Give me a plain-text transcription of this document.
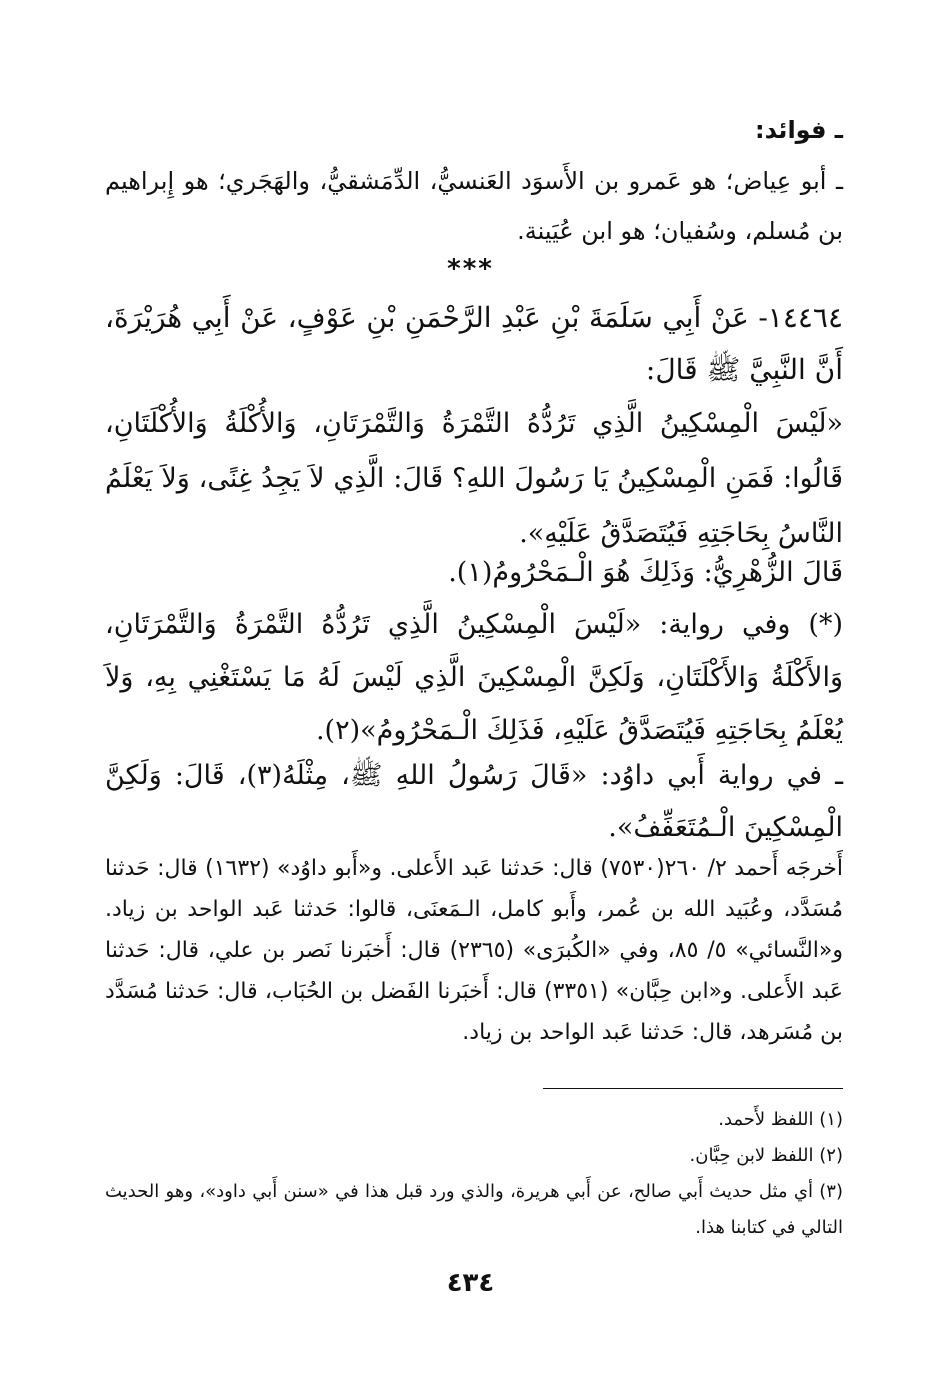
ـ فوائد:

ـ أبو عِياض؛ هو عَمرو بن الأَسوَد العَنسيُّ، الدِّمَشقيُّ، والهَجَري؛ هو إِبراهيم بن مُسلم، وسُفيان؛ هو ابن عُيَينة.

***

١٤٤٦٤- عَنْ أَبِي سَلَمَةَ بْنِ عَبْدِ الرَّحْمَنِ بْنِ عَوْفٍ، عَنْ أَبِي هُرَيْرَةَ، أَنَّ النَّبِيَّ ﷺ قَالَ:

«لَيْسَ الْمِسْكِينُ الَّذِي تَرُدُّهُ التَّمْرَةُ وَالتَّمْرَتَانِ، وَالأُكْلَةُ وَالأُكْلَتَانِ، قَالُوا: فَمَنِ الْمِسْكِينُ يَا رَسُولَ اللهِ؟ قَالَ: الَّذِي لاَ يَجِدُ غِنًى، وَلاَ يَعْلَمُ النَّاسُ بِحَاجَتِهِ فَيُتَصَدَّقُ عَلَيْهِ».

قَالَ الزُّهْرِيُّ: وَذَلِكَ هُوَ الْـمَحْرُومُ(١).

(*) وفي رواية: «لَيْسَ الْمِسْكِينُ الَّذِي تَرُدُّهُ التَّمْرَةُ وَالتَّمْرَتَانِ، وَالأَكْلَةُ وَالأَكْلَتَانِ، وَلَكِنَّ الْمِسْكِينَ الَّذِي لَيْسَ لَهُ مَا يَسْتَغْنِي بِهِ، وَلاَ يُعْلَمُ بِحَاجَتِهِ فَيُتَصَدَّقُ عَلَيْهِ، فَذَلِكَ الْـمَحْرُومُ»(٢).

ـ في رواية أَبي داوُد: «قَالَ رَسُولُ اللهِ ﷺ، مِثْلَهُ(٣)، قَالَ: وَلَكِنَّ الْمِسْكِينَ الْـمُتَعَفِّفُ».

أَخرجَه أَحمد ٢/ ٢٦٠(٧٥٣٠) قال: حَدثنا عَبد الأَعلى. و«أَبو داوُد» (١٦٣٢) قال: حَدثنا مُسَدَّد، وعُبَيد الله بن عُمر، وأَبو كامل، الـمَعنَى، قالوا: حَدثنا عَبد الواحد بن زياد. و«النَّسائي» ٥/ ٨٥، وفي «الكُبرَى» (٢٣٦٥) قال: أَخبَرنا نَصر بن علي، قال: حَدثنا عَبد الأَعلى. و«ابن حِبَّان» (٣٣٥١) قال: أَخبَرنا الفَضل بن الحُبَاب، قال: حَدثنا مُسَدَّد بن مُسَرهد، قال: حَدثنا عَبد الواحد بن زياد.

(١) اللفظ لأَحمد.
(٢) اللفظ لابن حِبَّان.
(٣) أي مثل حديث أَبي صالح، عن أَبي هريرة، والذي ورد قبل هذا في «سنن أَبي داود»، وهو الحديث التالي في كتابنا هذا.
٤٣٤
